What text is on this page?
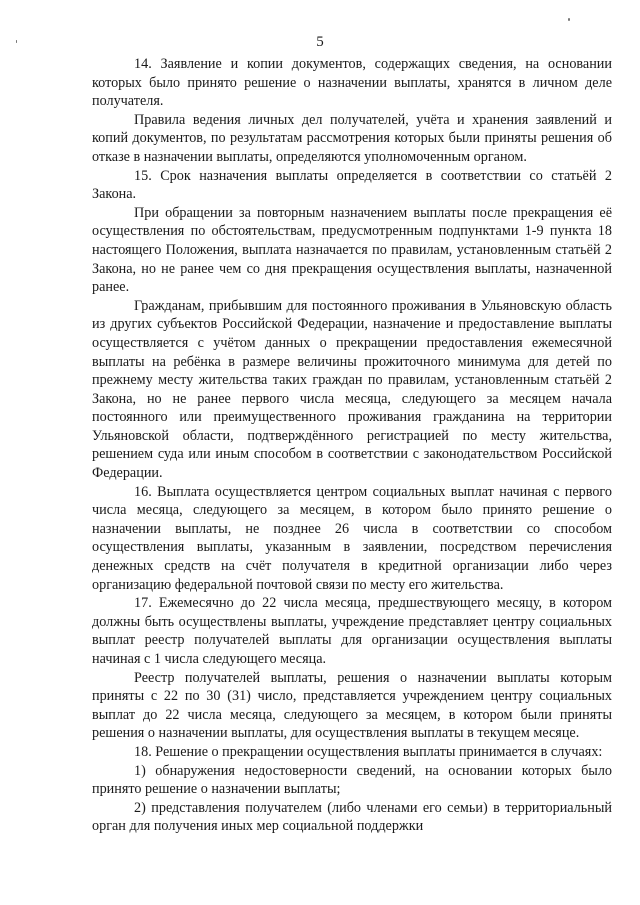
5

14. Заявление и копии документов, содержащих сведения, на основании которых было принято решение о назначении выплаты, хранятся в личном деле получателя.

Правила ведения личных дел получателей, учёта и хранения заявлений и копий документов, по результатам рассмотрения которых были приняты решения об отказе в назначении выплаты, определяются уполномоченным органом.

15. Срок назначения выплаты определяется в соответствии со статьёй 2 Закона.

При обращении за повторным назначением выплаты после прекращения её осуществления по обстоятельствам, предусмотренным подпунктами 1-9 пункта 18 настоящего Положения, выплата назначается по правилам, установленным статьёй 2 Закона, но не ранее чем со дня прекращения осуществления выплаты, назначенной ранее.

Гражданам, прибывшим для постоянного проживания в Ульяновскую область из других субъектов Российской Федерации, назначение и предоставление выплаты осуществляется с учётом данных о прекращении предоставления ежемесячной выплаты на ребёнка в размере величины прожиточного минимума для детей по прежнему месту жительства таких граждан по правилам, установленным статьёй 2 Закона, но не ранее первого числа месяца, следующего за месяцем начала постоянного или преимущественного проживания гражданина на территории Ульяновской области, подтверждённого регистрацией по месту жительства, решением суда или иным способом в соответствии с законодательством Российской Федерации.

16. Выплата осуществляется центром социальных выплат начиная с первого числа месяца, следующего за месяцем, в котором было принято решение о назначении выплаты, не позднее 26 числа в соответствии со способом осуществления выплаты, указанным в заявлении, посредством перечисления денежных средств на счёт получателя в кредитной организации либо через организацию федеральной почтовой связи по месту его жительства.

17. Ежемесячно до 22 числа месяца, предшествующего месяцу, в котором должны быть осуществлены выплаты, учреждение представляет центру социальных выплат реестр получателей выплаты для организации осуществления выплаты начиная с 1 числа следующего месяца.

Реестр получателей выплаты, решения о назначении выплаты которым приняты с 22 по 30 (31) число, представляется учреждением центру социальных выплат до 22 числа месяца, следующего за месяцем, в котором были приняты решения о назначении выплаты, для осуществления выплаты в текущем месяце.

18. Решение о прекращении осуществления выплаты принимается в случаях:

1) обнаружения недостоверности сведений, на основании которых было принято решение о назначении выплаты;

2) представления получателем (либо членами его семьи) в территориальный орган для получения иных мер социальной поддержки
